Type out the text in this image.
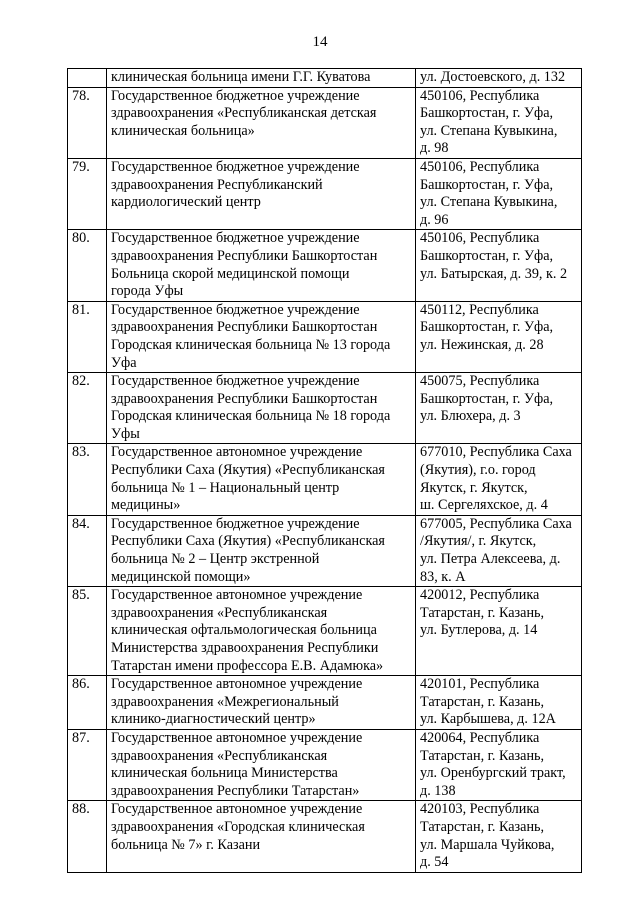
14

	клиническая больница имени Г.Г. Куватова	ул. Достоевского, д. 132

78.	Государственное бюджетное учреждение
здравоохранения «Республиканская детская
клиническая больница»	450106, Республика
Башкортостан, г. Уфа,
ул. Степана Кувыкина,
д. 98

79.	Государственное бюджетное учреждение
здравоохранения Республиканский
кардиологический центр	450106, Республика
Башкортостан, г. Уфа,
ул. Степана Кувыкина,
д. 96

80.	Государственное бюджетное учреждение
здравоохранения Республики Башкортостан
Больница скорой медицинской помощи
города Уфы	450106, Республика
Башкортостан, г. Уфа,
ул. Батырская, д. 39, к. 2

81.	Государственное бюджетное учреждение
здравоохранения Республики Башкортостан
Городская клиническая больница № 13 города
Уфа	450112, Республика
Башкортостан, г. Уфа,
ул. Нежинская, д. 28

82.	Государственное бюджетное учреждение
здравоохранения Республики Башкортостан
Городская клиническая больница № 18 города
Уфы	450075, Республика
Башкортостан, г. Уфа,
ул. Блюхера, д. 3

83.	Государственное автономное учреждение
Республики Саха (Якутия) «Республиканская
больница № 1 – Национальный центр
медицины»	677010, Республика Саха
(Якутия), г.о. город
Якутск, г. Якутск,
ш. Сергеляхское, д. 4

84.	Государственное бюджетное учреждение
Республики Саха (Якутия) «Республиканская
больница № 2 – Центр экстренной
медицинской помощи»	677005, Республика Саха
/Якутия/, г. Якутск,
ул. Петра Алексеева, д.
83, к. А

85.	Государственное автономное учреждение
здравоохранения «Республиканская
клиническая офтальмологическая больница
Министерства здравоохранения Республики
Татарстан имени профессора Е.В. Адамюка»	420012, Республика
Татарстан, г. Казань,
ул. Бутлерова, д. 14

86.	Государственное автономное учреждение
здравоохранения «Межрегиональный
клинико-диагностический центр»	420101, Республика
Татарстан, г. Казань,
ул. Карбышева, д. 12А

87.	Государственное автономное учреждение
здравоохранения «Республиканская
клиническая больница Министерства
здравоохранения Республики Татарстан»	420064, Республика
Татарстан, г. Казань,
ул. Оренбургский тракт,
д. 138

88.	Государственное автономное учреждение
здравоохранения «Городская клиническая
больница № 7» г. Казани	420103, Республика
Татарстан, г. Казань,
ул. Маршала Чуйкова,
д. 54
